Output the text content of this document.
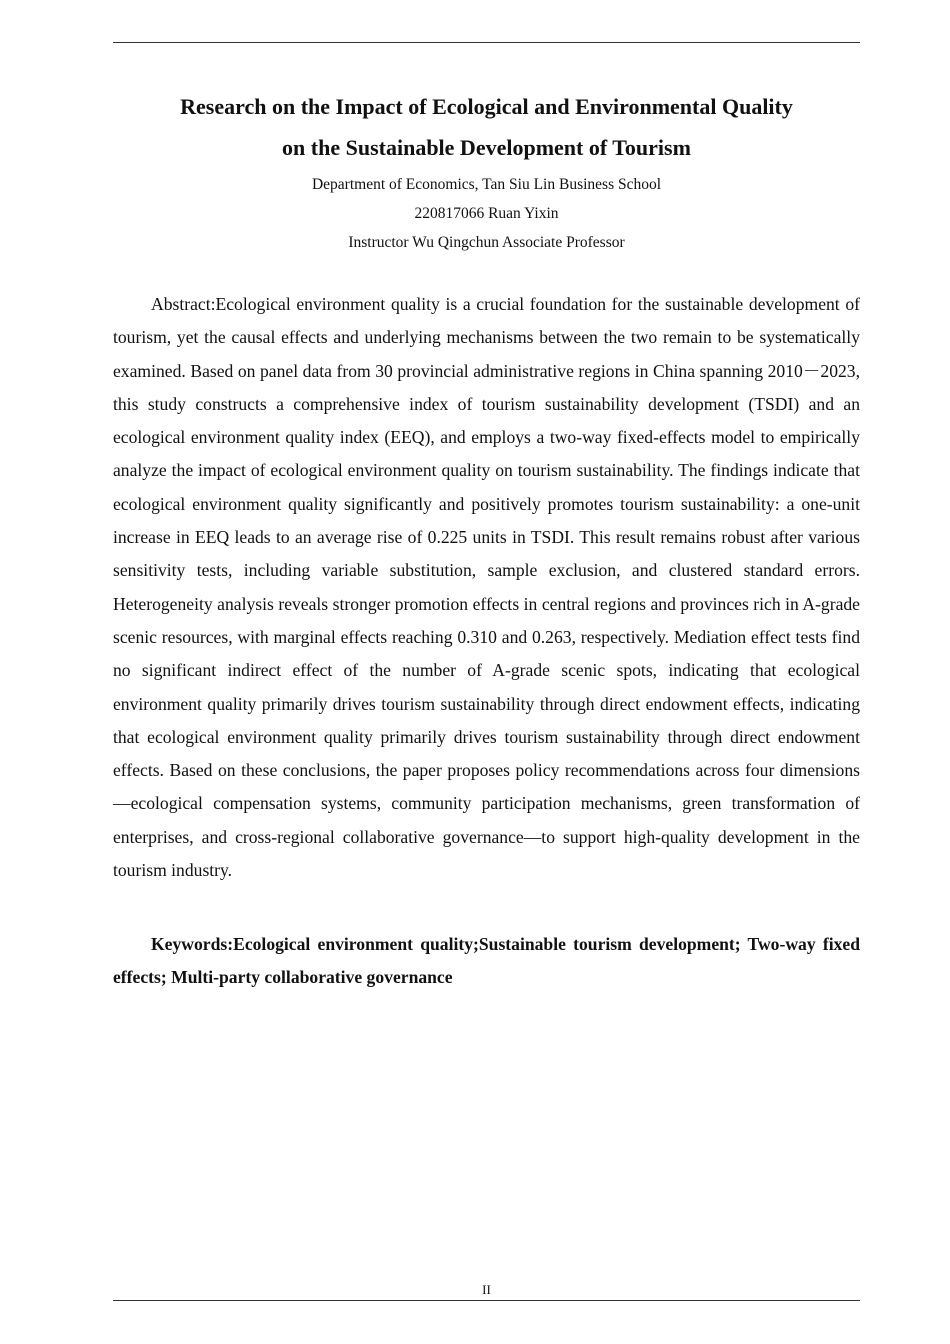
Research on the Impact of Ecological and Environmental Quality
on the Sustainable Development of Tourism
Department of Economics, Tan Siu Lin Business School
220817066 Ruan Yixin
Instructor Wu Qingchun Associate Professor

Abstract:Ecological environment quality is a crucial foundation for the sustainable development of tourism, yet the causal effects and underlying mechanisms between the two remain to be systematically examined. Based on panel data from 30 provincial administrative regions in China spanning 2010－2023, this study constructs a comprehensive index of tourism sustainability development (TSDI) and an ecological environment quality index (EEQ), and employs a two-way fixed-effects model to empirically analyze the impact of ecological environment quality on tourism sustainability. The findings indicate that ecological environment quality significantly and positively promotes tourism sustainability: a one-unit increase in EEQ leads to an average rise of 0.225 units in TSDI. This result remains robust after various sensitivity tests, including variable substitution, sample exclusion, and clustered standard errors. Heterogeneity analysis reveals stronger promotion effects in central regions and provinces rich in A-grade scenic resources, with marginal effects reaching 0.310 and 0.263, respectively. Mediation effect tests find no significant indirect effect of the number of A-grade scenic spots, indicating that ecological environment quality primarily drives tourism sustainability through direct endowment effects, indicating that ecological environment quality primarily drives tourism sustainability through direct endowment effects. Based on these conclusions, the paper proposes policy recommendations across four dimensions—ecological compensation systems, community participation mechanisms, green transformation of enterprises, and cross-regional collaborative governance—to support high-quality development in the tourism industry.

Keywords:Ecological environment quality;Sustainable tourism development; Two-way fixed effects; Multi-party collaborative governance

II
